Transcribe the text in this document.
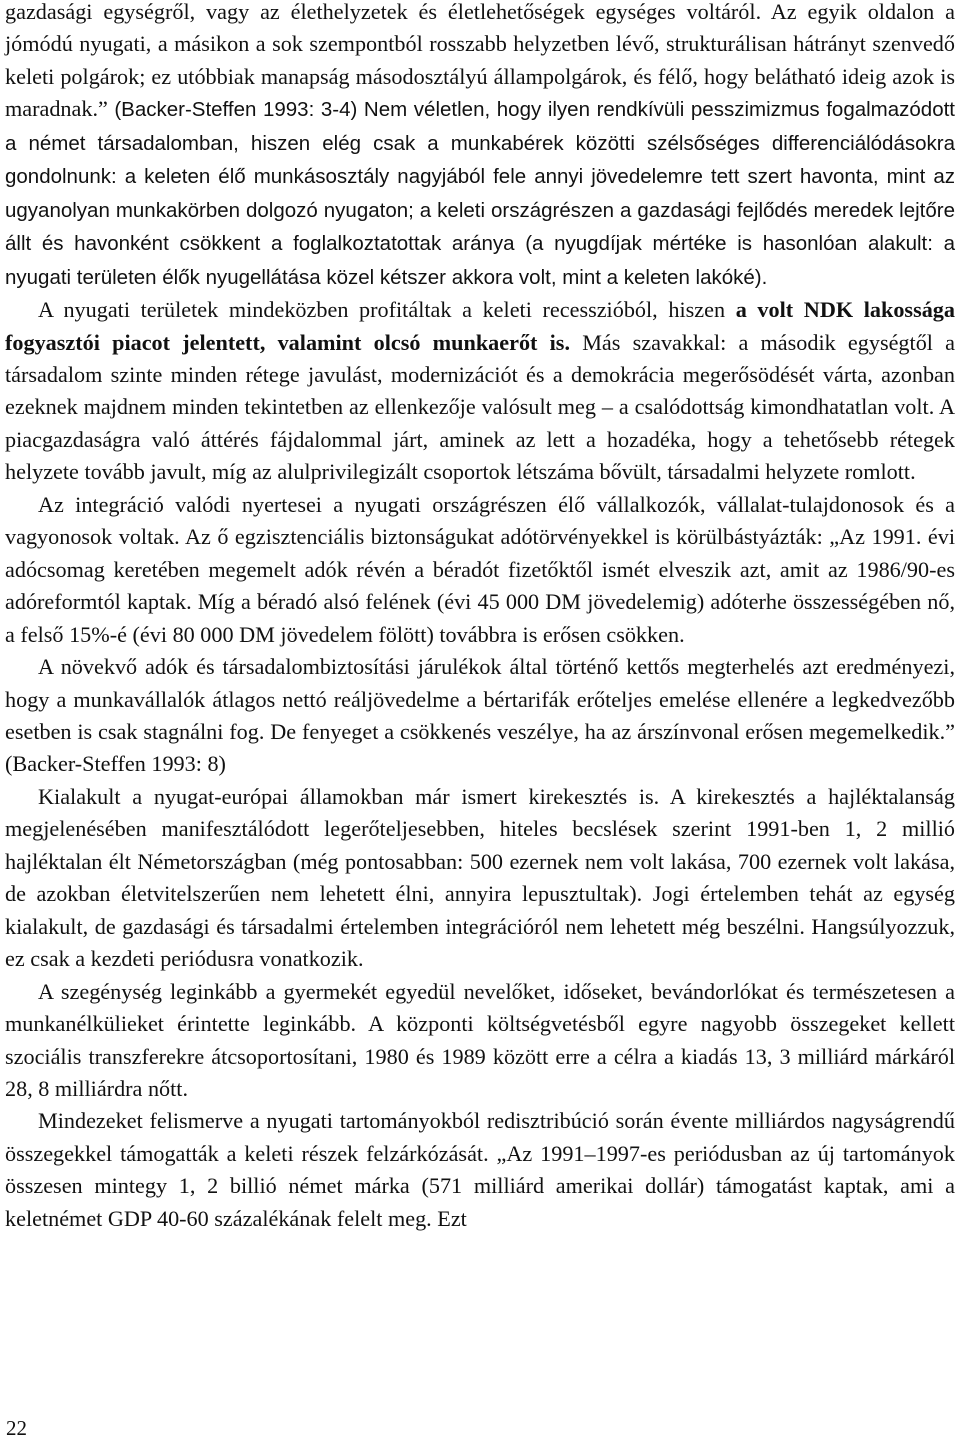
gazdasági egységről, vagy az élethelyzetek és életlehetőségek egységes voltáról. Az egyik oldalon a jómódú nyugati, a másikon a sok szempontból rosszabb helyzetben lévő, strukturálisan hátrányt szenvedő keleti polgárok; ez utóbbiak manapság másodosztályú állampolgárok, és félő, hogy belátható ideig azok is maradnak.” (Backer-Steffen 1993: 3-4) Nem véletlen, hogy ilyen rendkívüli pesszimizmus fogalmazódott a német társadalomban, hiszen elég csak a munkabérek közötti szélsőséges differenciálódásokra gondolnunk: a keleten élő munkásosztály nagyjából fele annyi jövedelemre tett szert havonta, mint az ugyanolyan munkakörben dolgozó nyugaton; a keleti országrészen a gazdasági fejlődés meredek lejtőre állt és havonként csökkent a foglalkoztatottak aránya (a nyugdíjak mértéke is hasonlóan alakult: a nyugati területen élők nyugellátása közel kétszer akkora volt, mint a keleten lakóké).

A nyugati területek mindeközben profitáltak a keleti recesszióból, hiszen a volt NDK lakossága fogyasztói piacot jelentett, valamint olcsó munkaerőt is. Más szavakkal: a második egységtől a társadalom szinte minden rétege javulást, modernizációt és a demokrácia megerősödését várta, azonban ezeknek majdnem minden tekintetben az ellenkezője valósult meg – a csalódottság kimondhatatlan volt. A piacgazdaságra való áttérés fájdalommal járt, aminek az lett a hozadéka, hogy a tehetősebb rétegek helyzete tovább javult, míg az alulprivilegizált csoportok létszáma bővült, társadalmi helyzete romlott.

Az integráció valódi nyertesei a nyugati országrészen élő vállalkozók, vállalat-tulajdonosok és a vagyonosok voltak. Az ő egzisztenciális biztonságukat adótörvényekkel is körülbástyázták: „Az 1991. évi adócsomag keretében megemelt adók révén a béradót fizetőktől ismét elveszik azt, amit az 1986/90-es adóreformtól kaptak. Míg a béradó alsó felének (évi 45 000 DM jövedelemig) adóterhe összességében nő, a felső 15%-é (évi 80 000 DM jövedelem fölött) továbbra is erősen csökken.

A növekvő adók és társadalombiztosítási járulékok által történő kettős megterhelés azt eredményezi, hogy a munkavállalók átlagos nettó reáljövedelme a bértarifák erőteljes emelése ellenére a legkedvezőbb esetben is csak stagnálni fog. De fenyeget a csökkenés veszélye, ha az árszínvonal erősen megemelkedik.” (Backer-Steffen 1993: 8)

Kialakult a nyugat-európai államokban már ismert kirekesztés is. A kirekesztés a hajléktalanság megjelenésében manifesztálódott legerőteljesebben, hiteles becslések szerint 1991-ben 1, 2 millió hajléktalan élt Németországban (még pontosabban: 500 ezernek nem volt lakása, 700 ezernek volt lakása, de azokban életvitelszerűen nem lehetett élni, annyira lepusztultak). Jogi értelemben tehát az egység kialakult, de gazdasági és társadalmi értelemben integrációról nem lehetett még beszélni. Hangsúlyozzuk, ez csak a kezdeti periódusra vonatkozik.

A szegénység leginkább a gyermekét egyedül nevelőket, időseket, bevándorlókat és természetesen a munkanélkülieket érintette leginkább. A központi költségvetésből egyre nagyobb összegeket kellett szociális transzferekre átcsoportosítani, 1980 és 1989 között erre a célra a kiadás 13, 3 milliárd márkáról 28, 8 milliárdra nőtt.

Mindezeket felismerve a nyugati tartományokból redisztribúció során évente milliárdos nagyságrendű összegekkel támogatták a keleti részek felzárkózását. „Az 1991–1997-es periódusban az új tartományok összesen mintegy 1, 2 billió német márka (571 milliárd amerikai dollár) támogatást kaptak, ami a keletnémet GDP 40-60 százalékának felelt meg. Ezt

22
